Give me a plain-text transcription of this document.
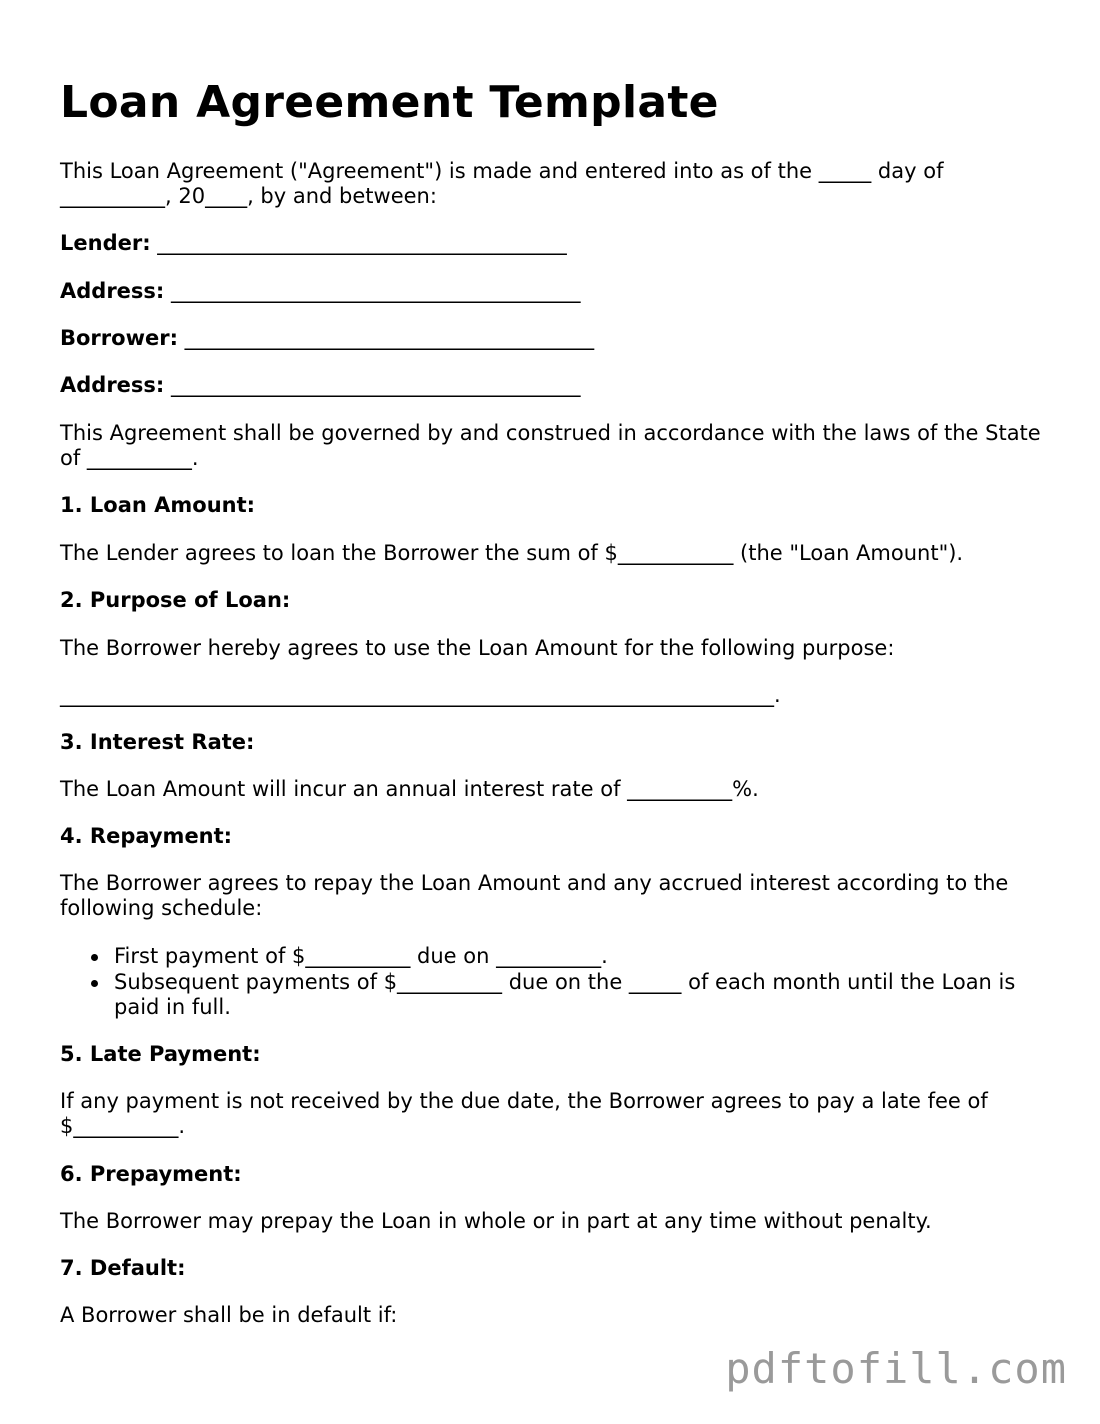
Loan Agreement Template

This Loan Agreement ("Agreement") is made and entered into as of the _____ day of __________, 20____, by and between:

Lender: _______________________________________

Address: _______________________________________

Borrower: _______________________________________

Address: _______________________________________

This Agreement shall be governed by and construed in accordance with the laws of the State of __________.

1. Loan Amount:

The Lender agrees to loan the Borrower the sum of $___________ (the "Loan Amount").

2. Purpose of Loan:

The Borrower hereby agrees to use the Loan Amount for the following purpose:

____________________________________________________________________.

3. Interest Rate:

The Loan Amount will incur an annual interest rate of __________%.

4. Repayment:

The Borrower agrees to repay the Loan Amount and any accrued interest according to the following schedule:

First payment of $__________ due on __________.
Subsequent payments of $__________ due on the _____ of each month until the Loan is paid in full.

5. Late Payment:

If any payment is not received by the due date, the Borrower agrees to pay a late fee of $__________.

6. Prepayment:

The Borrower may prepay the Loan in whole or in part at any time without penalty.

7. Default:

A Borrower shall be in default if:

pdftofill.com
